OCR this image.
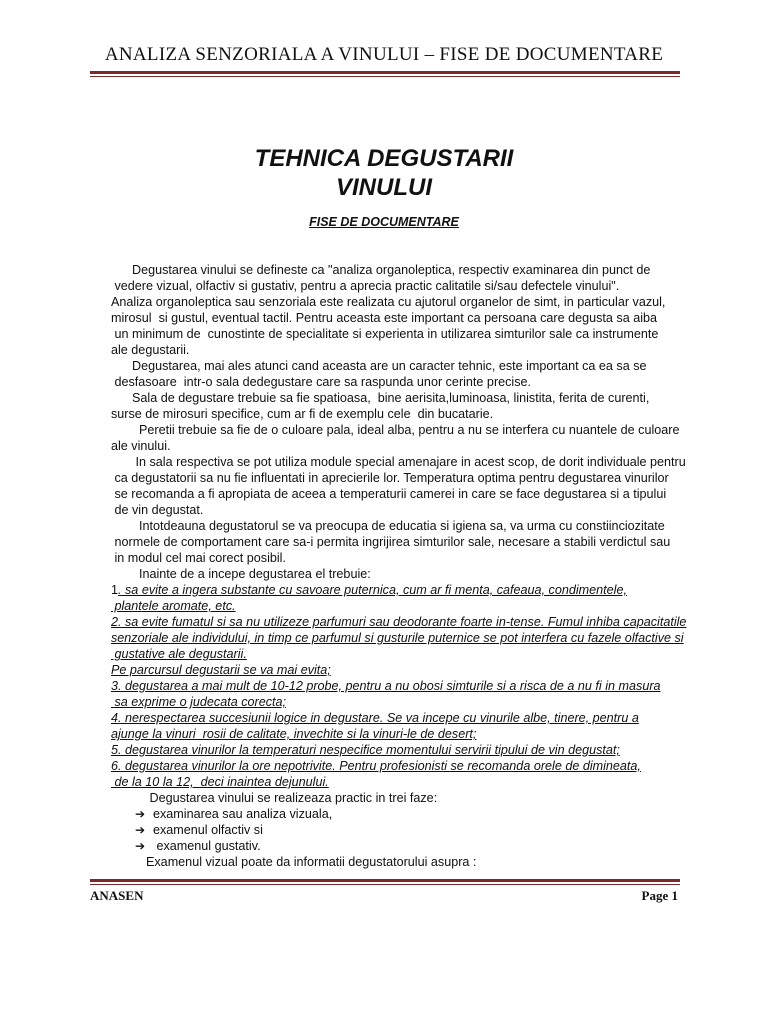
ANALIZA SENZORIALA A VINULUI – FISE DE DOCUMENTARE
TEHNICA DEGUSTARII
VINULUI
FISE DE DOCUMENTARE
Degustarea vinului se defineste ca "analiza organoleptica, respectiv examinarea din punct de
vedere vizual, olfactiv si gustativ, pentru a aprecia practic calitatile si/sau defectele vinului".
Analiza organoleptica sau senzoriala este realizata cu ajutorul organelor de simt, in particular vazul,
mirosul  si gustul, eventual tactil. Pentru aceasta este important ca persoana care degusta sa aiba
un minimum de  cunostinte de specialitate si experienta in utilizarea simturilor sale ca instrumente
ale degustarii.
Degustarea, mai ales atunci cand aceasta are un caracter tehnic, este important ca ea sa se
desfasoare  intr-o sala dedegustare care sa raspunda unor cerinte precise.
Sala de degustare trebuie sa fie spatioasa,  bine aerisita,luminoasa, linistita, ferita de curenti,
surse de mirosuri specifice, cum ar fi de exemplu cele  din bucatarie.
Peretii trebuie sa fie de o culoare pala, ideal alba, pentru a nu se interfera cu nuantele de culoare
ale vinului.
In sala respectiva se pot utiliza module special amenajare in acest scop, de dorit individuale pentru
ca degustatorii sa nu fie influentati in aprecierile lor. Temperatura optima pentru degustarea vinurilor
se recomanda a fi apropiata de aceea a temperaturii camerei in care se face degustarea si a tipului
de vin degustat.
Intotdeauna degustatorul se va preocupa de educatia si igiena sa, va urma cu constiinciozitate
normele de comportament care sa-i permita ingrijirea simturilor sale, necesare a stabili verdictul sau
in modul cel mai corect posibil.
Inainte de a incepe degustarea el trebuie:
1. sa evite a ingera substante cu savoare puternica, cum ar fi menta, cafeaua, condimentele,
plantele aromate, etc.
2. sa evite fumatul si sa nu utilizeze parfumuri sau deodorante foarte in-tense. Fumul inhiba capacitatile
senzoriale ale individului, in timp ce parfumul si gusturile puternice se pot interfera cu fazele olfactive si
gustative ale degustarii.
Pe parcursul degustarii se va mai evita;
3. degustarea a mai mult de 10-12 probe, pentru a nu obosi simturile si a risca de a nu fi in masura
sa exprime o judecata corecta;
4. nerespectarea succesiunii logice in degustare. Se va incepe cu vinurile albe, tinere, pentru a
ajunge la vinuri  rosii de calitate, invechite si la vinuri-le de desert;
5. degustarea vinurilor la temperaturi nespecifice momentului servirii tipului de vin degustat;
6. degustarea vinurilor la ore nepotrivite. Pentru profesionisti se recomanda orele de dimineata,
de la 10 la 12,  deci inaintea dejunului.
Degustarea vinului se realizeaza practic in trei faze:
➔ examinarea sau analiza vizuala,
➔ examenul olfactiv si
➔ examenul gustativ.
Examenul vizual poate da informatii degustatorului asupra :
ANASEN	Page 1
